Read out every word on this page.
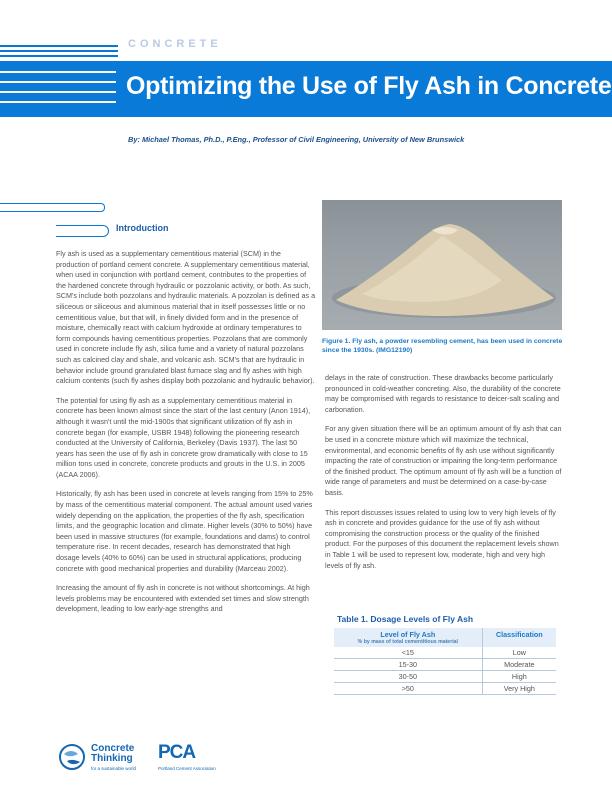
CONCRETE
Optimizing the Use of Fly Ash in Concrete
By: Michael Thomas, Ph.D., P.Eng., Professor of Civil Engineering, University of New Brunswick
Introduction

Fly ash is used as a supplementary cementitious material (SCM) in the production of portland cement concrete. A supplementary cementitious material, when used in conjunction with portland cement, contributes to the properties of the hardened concrete through hydraulic or pozzolanic activity, or both. As such, SCM's include both pozzolans and hydraulic materials. A pozzolan is defined as a siliceous or siliceous and aluminous material that in itself possesses little or no cementitious value, but that will, in finely divided form and in the presence of moisture, chemically react with calcium hydroxide at ordinary temperatures to form compounds having cementitious properties. Pozzolans that are commonly used in concrete include fly ash, silica fume and a variety of natural pozzolans such as calcined clay and shale, and volcanic ash. SCM's that are hydraulic in behavior include ground granulated blast furnace slag and fly ashes with high calcium contents (such fly ashes display both pozzolanic and hydraulic behavior).

The potential for using fly ash as a supplementary cementitious material in concrete has been known almost since the start of the last century (Anon 1914), although it wasn't until the mid-1900s that significant utilization of fly ash in concrete began (for example, USBR 1948) following the pioneering research conducted at the University of California, Berkeley (Davis 1937). The last 50 years has seen the use of fly ash in concrete grow dramatically with close to 15 million tons used in concrete, concrete products and grouts in the U.S. in 2005 (ACAA 2006).

Historically, fly ash has been used in concrete at levels ranging from 15% to 25% by mass of the cementitious material component. The actual amount used varies widely depending on the application, the properties of the fly ash, specification limits, and the geographic location and climate. Higher levels (30% to 50%) have been used in massive structures (for example, foundations and dams) to control temperature rise. In recent decades, research has demonstrated that high dosage levels (40% to 60%) can be used in structural applications, producing concrete with good mechanical properties and durability (Marceau 2002).

Increasing the amount of fly ash in concrete is not without shortcomings. At high levels problems may be encountered with extended set times and slow strength development, leading to low early-age strengths and

Figure 1. Fly ash, a powder resembling cement, has been used in concrete since the 1930s. (IMG12190)

delays in the rate of construction. These drawbacks become particularly pronounced in cold-weather concreting. Also, the durability of the concrete may be compromised with regards to resistance to deicer-salt scaling and carbonation.

For any given situation there will be an optimum amount of fly ash that can be used in a concrete mixture which will maximize the technical, environmental, and economic benefits of fly ash use without significantly impacting the rate of construction or impairing the long-term performance of the finished product. The optimum amount of fly ash will be a function of wide range of parameters and must be determined on a case-by-case basis.

This report discusses issues related to using low to very high levels of fly ash in concrete and provides guidance for the use of fly ash without compromising the construction process or the quality of the finished product. For the purposes of this document the replacement levels shown in Table 1 will be used to represent low, moderate, high and very high levels of fly ash.

Table 1. Dosage Levels of Fly Ash
Level of Fly Ash
% by mass of total cementitious material	Classification
<15	Low
15-30	Moderate
30-50	High
>50	Very High
Concrete
Thinking
for a sustainable world
PCA
Portland Cement Association
